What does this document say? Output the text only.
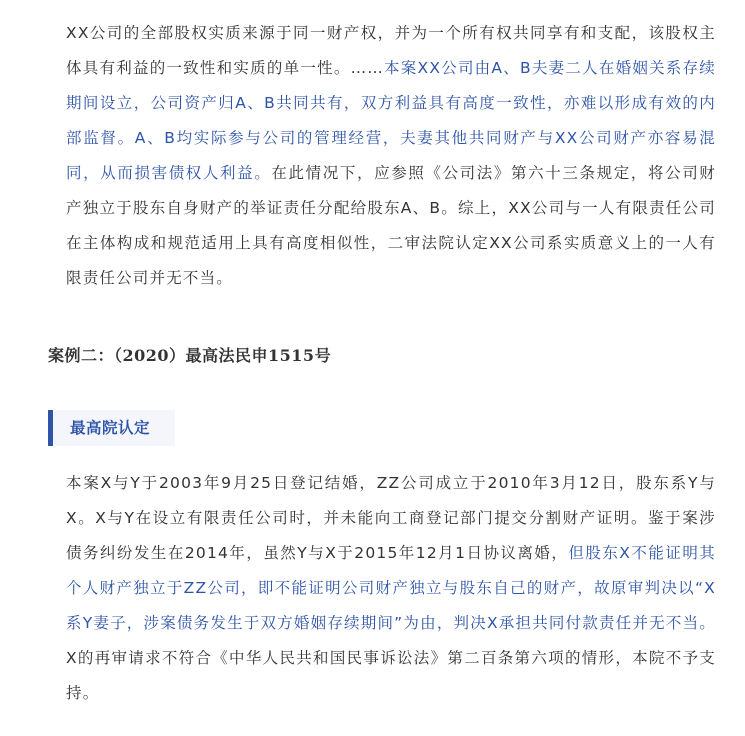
XX公司的全部股权实质来源于同一财产权，并为一个所有权共同享有和支配，该股权主体具有利益的一致性和实质的单一性。……本案XX公司由A、B夫妻二人在婚姻关系存续期间设立，公司资产归A、B共同共有，双方利益具有高度一致性，亦难以形成有效的内部监督。A、B均实际参与公司的管理经营，夫妻其他共同财产与XX公司财产亦容易混同，从而损害债权人利益。在此情况下，应参照《公司法》第六十三条规定，将公司财产独立于股东自身财产的举证责任分配给股东A、B。综上，XX公司与一人有限责任公司在主体构成和规范适用上具有高度相似性，二审法院认定XX公司系实质意义上的一人有限责任公司并无不当。

案例二：（2020）最高法民申1515号
最高院认定

本案X与Y于2003年9月25日登记结婚，ZZ公司成立于2010年3月12日，股东系Y与X。X与Y在设立有限责任公司时，并未能向工商登记部门提交分割财产证明。鉴于案涉债务纠纷发生在2014年，虽然Y与X于2015年12月1日协议离婚，但股东X不能证明其个人财产独立于ZZ公司，即不能证明公司财产独立与股东自己的财产，故原审判决以“X系Y妻子，涉案债务发生于双方婚姻存续期间”为由，判决X承担共同付款责任并无不当。X的再审请求不符合《中华人民共和国民事诉讼法》第二百条第六项的情形，本院不予支持。
